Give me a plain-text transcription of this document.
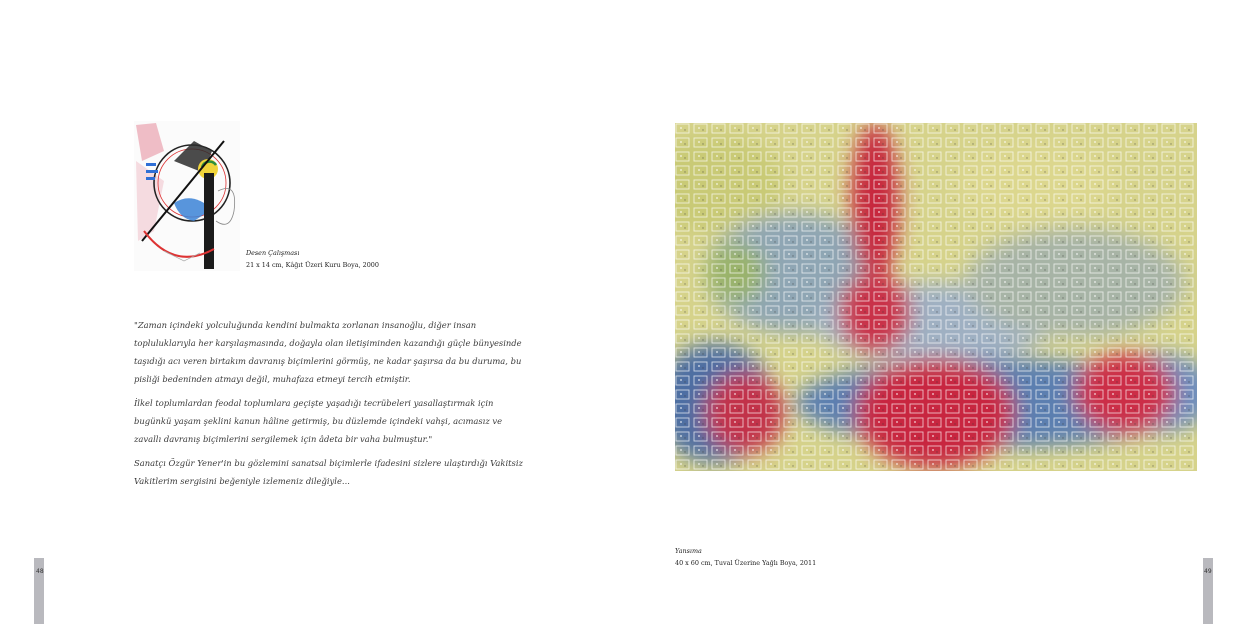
48
Desen Çalışması
21 x 14 cm, Kâğıt Üzeri Kuru Boya, 2000

"Zaman içindeki yolculuğunda kendini bulmakta zorlanan insanoğlu, diğer insan topluluklarıyla her karşılaşmasında, doğayla olan iletişiminden kazandığı güçle bünyesinde taşıdığı acı veren birtakım davranış biçimlerini görmüş, ne kadar şaşırsa da bu duruma, bu pisliği bedeninden atmayı değil, muhafaza etmeyi tercih etmiştir.

İlkel toplumlardan feodal toplumlara geçişte yaşadığı tecrübeleri yasallaştırmak için bugünkü yaşam şeklini kanun hâline getirmiş, bu düzlemde içindeki vahşi, acımasız ve zavallı davranış biçimlerini sergilemek için âdeta bir vaha bulmuştur."

Sanatçı Özgür Yener'in bu gözlemini sanatsal biçimlerle ifadesini sizlere ulaştırdığı Vakitsiz Vakitlerim sergisini beğeniyle izlemeniz dileğiyle...

Yansıma
40 x 60 cm, Tuval Üzerine Yağlı Boya, 2011
49
